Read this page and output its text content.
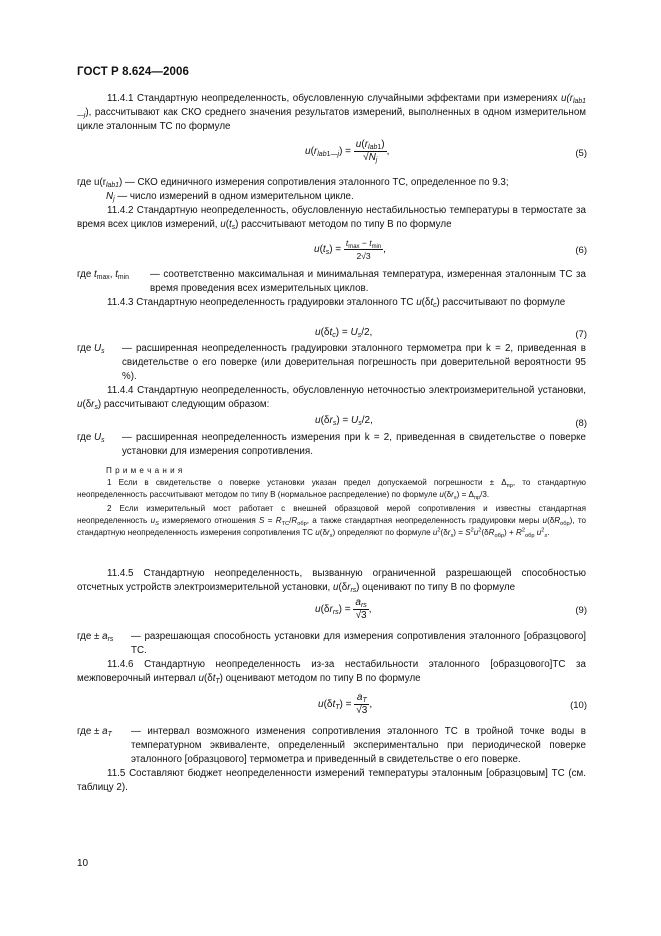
ГОСТ Р 8.624—2006
11.4.1 Стандартную неопределенность, обусловленную случайными эффектами при измерениях $u(r_{lab1—j})$, рассчитывают как СКО среднего значения результатов измерений, выполненных в одном измерительном цикле эталонным ТС по формуле
$u(r_{lab1—j}) = \frac{u(r_{lab1})}{√N_j}$ ,	(5)
где $u(r_{lab1})$ — СКО единичного измерения сопротивления эталонного ТС, определенное по 9.3;
$N_j$ — число измерений в одном измерительном цикле.
11.4.2 Стандартную неопределенность, обусловленную нестабильностью температуры в термостате за время всех циклов измерений, $u(t_s)$ рассчитывают методом по типу В по формуле
$u(t_s) = \frac{t_{max} - t_{min}}{2√3}$ ,	(6)
где $t_{max}$, $t_{min}$	— соответственно максимальная и минимальная температура, измеренная эталонным ТС за время проведения всех измерительных циклов.
11.4.3 Стандартную неопределенность градуировки эталонного ТС $u(\delta t_c)$ рассчитывают по формуле
$u(\delta t_c) = U_s/2$,	(7)
где $U_s$	— расширенная неопределенность градуировки эталонного термометра при k = 2, приведенная в свидетельстве о его поверке (или доверительная погрешность при доверительной вероятности 95 %).
11.4.4 Стандартную неопределенность, обусловленную неточностью электроизмерительной установки, $u(\delta r_s)$ рассчитывают следующим образом:
$u(\delta r_s) = U_s/2$,	(8)
где $U_s$	— расширенная неопределенность измерения при k = 2, приведенная в свидетельстве о поверке установки для измерения сопротивления.
П р и м е ч а н и я
1 Если в свидетельстве о поверке установки указан предел допускаемой погрешности ± $\Delta_{пр}$, то стандартную неопределенность рассчитывают методом по типу В (нормальное распределение) по формуле $u(\delta r_s) = \Delta_{пр}/3$.
2 Если измерительный мост работает с внешней образцовой мерой сопротивления и известны стандартная неопределенность $u_S$ измеряемого отношения $S = R_{TC}/R_{обр}$, а также стандартная неопределенность градуировки меры $u(\delta R_{обр})$, то стандартную неопределенность измерения сопротивления ТС $u(\delta r_s)$ определяют по формуле $u^2(\delta r_s) = S^2u^2(\delta R_{обр}) + R^2_{обр}$ $u^2_s$.
11.4.5 Стандартную неопределенность, вызванную ограниченной разрешающей способностью отсчетных устройств электроизмерительной установки, $u(\delta r_{rs})$ оценивают по типу В по формуле
$u(\delta r_{rs}) = \frac{a_{rs}}{√3}$ ,	(9)
где ± $a_{rs}$	— разрешающая способность установки для измерения сопротивления эталонного [образцового] ТС.
11.4.6 Стандартную неопределенность из-за нестабильности эталонного [образцового]ТС за межповерочный интервал $u(\delta t_T)$ оценивают методом по типу В по формуле
$u(\delta t_T) = \frac{a_T}{√3}$ ,	(10)
где ± $a_T$	— интервал возможного изменения сопротивления эталонного ТС в тройной точке воды в температурном эквиваленте, определенный экспериментально при периодической поверке эталонного [образцового] термометра и приведенный в свидетельстве о его поверке.
11.5 Составляют бюджет неопределенности измерений температуры эталонным [образцовым] ТС (см. таблицу 2).
10
